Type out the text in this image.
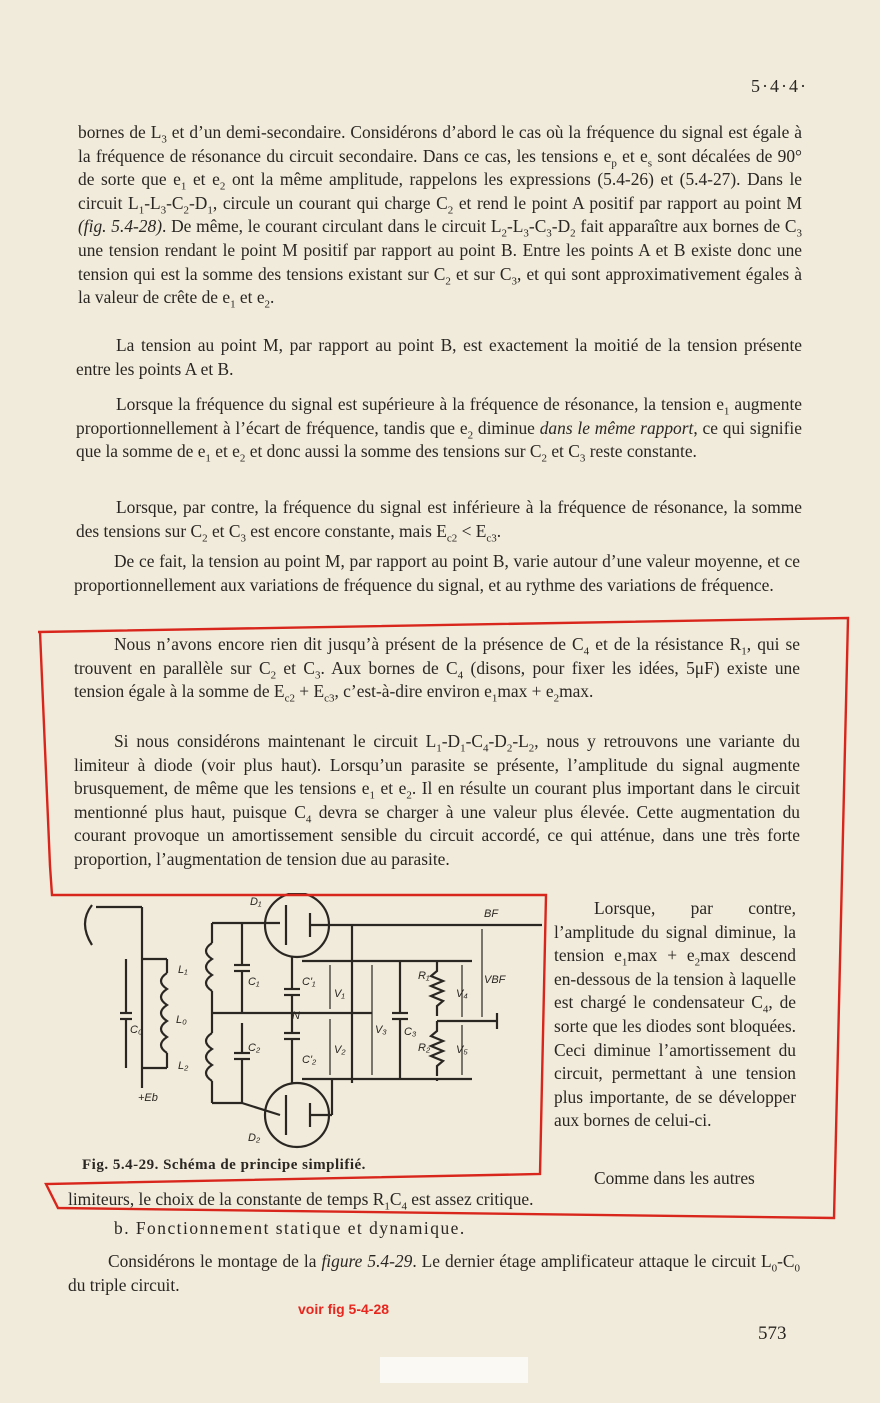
5·4·4·
bornes de $L_3$ et d’un demi-secondaire. Considérons d’abord le cas où la fréquence du signal est égale à la fréquence de résonance du circuit secondaire. Dans ce cas, les tensions $e_p$ et $e_s$ sont décalées de 90° de sorte que $e_1$ et $e_2$ ont la même amplitude, rappelons les expressions (5.4-26) et (5.4-27). Dans le circuit $L_1-L_3-C_2-D_1$, circule un courant qui charge $C_2$ et rend le point A positif par rapport au point M (fig. 5.4-28). De même, le courant circulant dans le circuit $L_2-L_3-C_3-D_2$ fait apparaître aux bornes de $C_3$ une tension rendant le point M positif par rapport au point B. Entre les points A et B existe donc une tension qui est la somme des tensions existant sur $C_2$ et sur $C_3$, et qui sont approximativement égales à la valeur de crête de $e_1$ et $e_2$.
La tension au point M, par rapport au point B, est exactement la moitié de la tension présente entre les points A et B.
Lorsque la fréquence du signal est supérieure à la fréquence de résonance, la tension $e_1$ augmente proportionnellement à l’écart de fréquence, tandis que $e_2$ diminue dans le même rapport, ce qui signifie que la somme de $e_1$ et $e_2$ et donc aussi la somme des tensions sur $C_2$ et $C_3$ reste constante.
Lorsque, par contre, la fréquence du signal est inférieure à la fréquence de résonance, la somme des tensions sur $C_2$ et $C_3$ est encore constante, mais $E_{c2} < E_{c3}$.
De ce fait, la tension au point M, par rapport au point B, varie autour d’une valeur moyenne, et ce proportionnellement aux variations de fréquence du signal, et au rythme des variations de fréquence.
Nous n’avons encore rien dit jusqu’à présent de la présence de $C_4$ et de la résistance $R_1$, qui se trouvent en parallèle sur $C_2$ et $C_3$. Aux bornes de $C_4$ (disons, pour fixer les idées, 5μF) existe une tension égale à la somme de $E_{c2} + E_{c3}$, c’est-à-dire environ $e_1\max + e_2\max$.
Si nous considérons maintenant le circuit $L_1-D_1-C_4-D_2-L_2$, nous y retrouvons une variante du limiteur à diode (voir plus haut). Lorsqu’un parasite se présente, l’amplitude du signal augmente brusquement, de même que les tensions $e_1$ et $e_2$. Il en résulte un courant plus important dans le circuit mentionné plus haut, puisque $C_4$ devra se charger à une valeur plus élevée. Cette augmentation du courant provoque un amortissement sensible du circuit accordé, ce qui atténue, dans une très forte proportion, l’augmentation de tension due au parasite.
Lorsque, par contre, l’amplitude du signal diminue, la tension $e_1\max + e_2\max$ descend en-dessous de la tension à laquelle est chargé le condensateur $C_4$, de sorte que les diodes sont bloquées. Ceci diminue l’amortissement du circuit, permettant à une tension plus importante, de se développer aux bornes de celui-ci.
Comme dans les autres
limiteurs, le choix de la constante de temps $R_1C_4$ est assez critique.
b. Fonctionnement statique et dynamique.
Considérons le montage de la figure 5.4-29. Le dernier étage amplificateur attaque le circuit $L_0-C_0$ du triple circuit.
BF
D₁
D₂
L₁
L₂
L₀
C₀
C₁
C₂
C'₁
C'₂
C₃
R₁
R₂
V₁
V₂
V₃
V₄
V₅
VBF
N
+Eb
Fig. 5.4-29. Schéma de principe simplifié.
voir fig 5-4-28
573
